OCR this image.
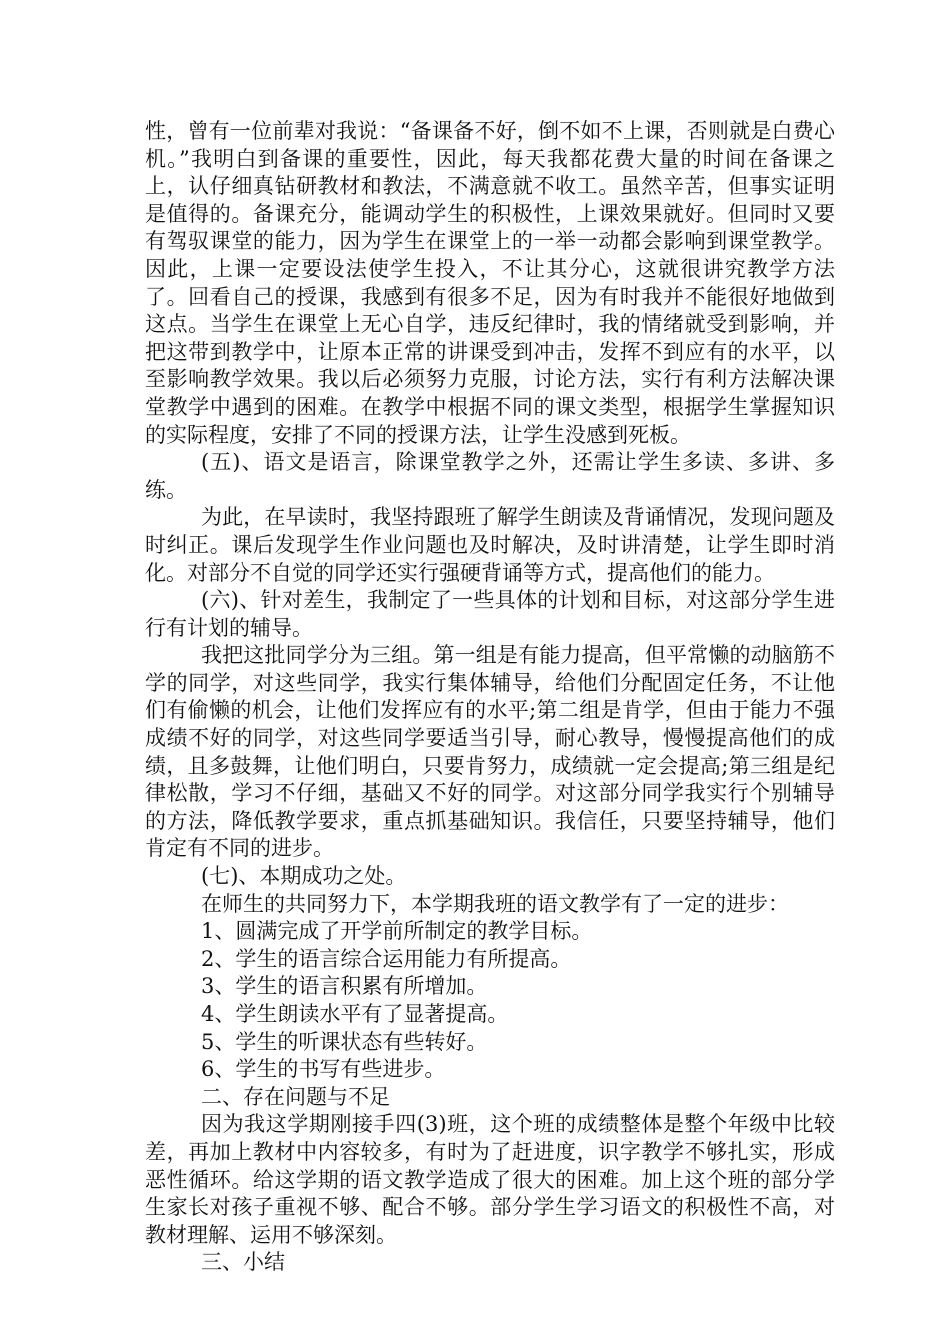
性，曾有一位前辈对我说：“备课备不好，倒不如不上课，否则就是白费心机。”我明白到备课的重要性，因此，每天我都花费大量的时间在备课之上，认仔细真钻研教材和教法，不满意就不收工。虽然辛苦，但事实证明是值得的。备课充分，能调动学生的积极性，上课效果就好。但同时又要有驾驭课堂的能力，因为学生在课堂上的一举一动都会影响到课堂教学。因此，上课一定要设法使学生投入，不让其分心，这就很讲究教学方法了。回看自己的授课，我感到有很多不足，因为有时我并不能很好地做到这点。当学生在课堂上无心自学，违反纪律时，我的情绪就受到影响，并把这带到教学中，让原本正常的讲课受到冲击，发挥不到应有的水平，以至影响教学效果。我以后必须努力克服，讨论方法，实行有利方法解决课堂教学中遇到的困难。在教学中根据不同的课文类型，根据学生掌握知识的实际程度，安排了不同的授课方法，让学生没感到死板。

(五)、语文是语言，除课堂教学之外，还需让学生多读、多讲、多练。

为此，在早读时，我坚持跟班了解学生朗读及背诵情况，发现问题及时纠正。课后发现学生作业问题也及时解决，及时讲清楚，让学生即时消化。对部分不自觉的同学还实行强硬背诵等方式，提高他们的能力。

(六)、针对差生，我制定了一些具体的计划和目标，对这部分学生进行有计划的辅导。

我把这批同学分为三组。第一组是有能力提高，但平常懒的动脑筋不学的同学，对这些同学，我实行集体辅导，给他们分配固定任务，不让他们有偷懒的机会，让他们发挥应有的水平;第二组是肯学，但由于能力不强成绩不好的同学，对这些同学要适当引导，耐心教导，慢慢提高他们的成绩，且多鼓舞，让他们明白，只要肯努力，成绩就一定会提高;第三组是纪律松散，学习不仔细，基础又不好的同学。对这部分同学我实行个别辅导的方法，降低教学要求，重点抓基础知识。我信任，只要坚持辅导，他们肯定有不同的进步。

(七)、本期成功之处。

在师生的共同努力下，本学期我班的语文教学有了一定的进步：

1、圆满完成了开学前所制定的教学目标。

2、学生的语言综合运用能力有所提高。

3、学生的语言积累有所增加。

4、学生朗读水平有了显著提高。

5、学生的听课状态有些转好。

6、学生的书写有些进步。

二、存在问题与不足

因为我这学期刚接手四(3)班，这个班的成绩整体是整个年级中比较差，再加上教材中内容较多，有时为了赶进度，识字教学不够扎实，形成恶性循环。给这学期的语文教学造成了很大的困难。加上这个班的部分学生家长对孩子重视不够、配合不够。部分学生学习语文的积极性不高，对教材理解、运用不够深刻。

三、小结
